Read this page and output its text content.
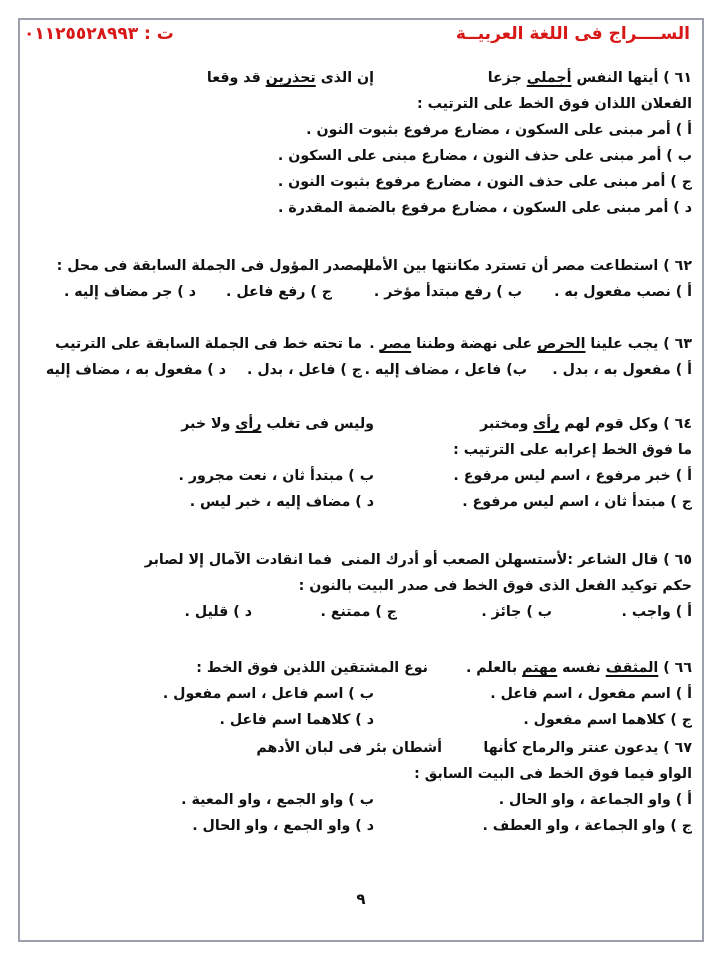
الســــراج فى اللغة العربيــة
ت : ٠١١٢٥٥٢٨٩٩٣
٦١ ) أيتها النفس أجملي جزعا
إن الذى تحذرين قد وقعا
الفعلان اللذان فوق الخط على الترتيب :
أ ) أمر مبنى على السكون ، مضارع مرفوع بثبوت النون .
ب ) أمر مبنى على حذف النون ، مضارع مبنى على السكون .
ج ) أمر مبنى على حذف النون ، مضارع مرفوع بثبوت النون .
د ) أمر مبنى على السكون ، مضارع مرفوع بالضمة المقدرة .
٦٢ ) استطاعت مصر أن تسترد مكانتها بين الأمم .
المصدر المؤول فى الجملة السابقة فى محل :
أ ) نصب مفعول به .
ب ) رفع مبتدأ مؤخر .
ج ) رفع فاعل .
د ) جر مضاف إليه .
٦٣ ) يجب علينا الحرص على نهضة وطننا مصر .
ما تحته خط فى الجملة السابقة على الترتيب
أ ) مفعول به ، بدل .
ب) فاعل ، مضاف إليه .
ج ) فاعل ، بدل .
د ) مفعول به ، مضاف إليه
٦٤ ) وكل قوم لهم رأى ومختبر
وليس فى تغلب رأي ولا خبر
ما فوق الخط إعرابه على الترتيب :
أ ) خبر مرفوع ، اسم ليس مرفوع .
ب ) مبتدأ ثان ، نعت مجرور .
ج ) مبتدأ ثان ، اسم ليس مرفوع .
د ) مضاف إليه ، خبر ليس .
٦٥ ) قال الشاعر :لأستسهلن الصعب أو أدرك المنى
فما انقادت الآمال إلا لصابر
حكم توكيد الفعل الذى فوق الخط فى صدر البيت بالنون :
أ ) واجب .
ب ) جائز .
ج ) ممتنع .
د ) قليل .
٦٦ ) المثقف نفسه مهتم بالعلم .
نوع المشتقين اللذين فوق الخط :
أ ) اسم مفعول ، اسم فاعل .
ب ) اسم فاعل ، اسم مفعول .
ج ) كلاهما اسم مفعول .
د ) كلاهما اسم فاعل .
٦٧ ) يدعون عنتر والرماح كأنها
أشطان بئر فى لبان الأدهم
الواو فيما فوق الخط فى البيت السابق :
أ ) واو الجماعة ، واو الحال .
ب ) واو الجمع ، واو المعية .
ج ) واو الجماعة ، واو العطف .
د ) واو الجمع ، واو الحال .
٩
